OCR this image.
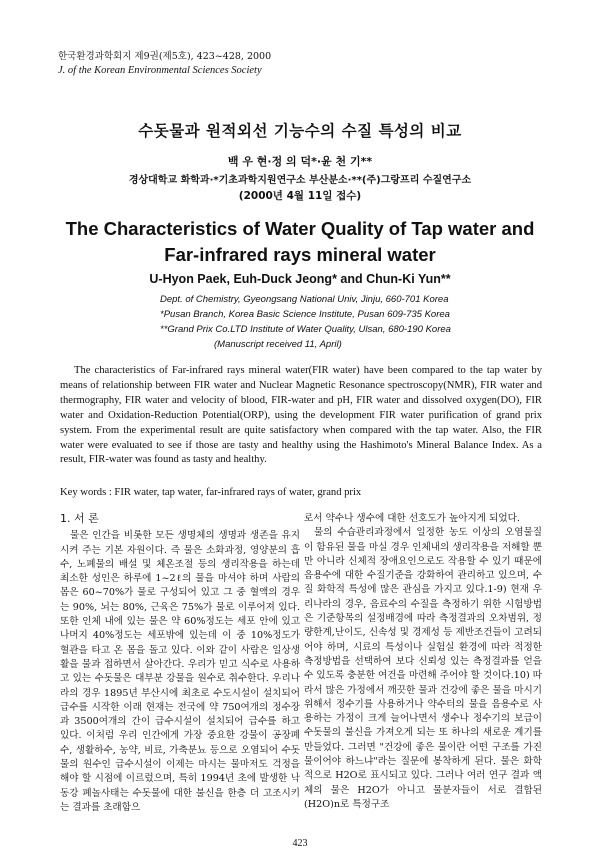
한국환경과학회지 제9권(제5호), 423~428, 2000
J. of the Korean Environmental Sciences Society
수돗물과 원적외선 기능수의 수질 특성의 비교
백 우 현·정 의 덕*·윤 천 기**
경상대학교 화학과·*기초과학지원연구소 부산분소·**(주)그랑프리 수질연구소
(2000년 4월 11일 접수)
The Characteristics of Water Quality of Tap water and
Far-infrared rays mineral water
U-Hyon Paek, Euh-Duck Jeong* and Chun-Ki Yun**
Dept. of Chemistry, Gyeongsang National Univ, Jinju, 660-701 Korea
*Pusan Branch, Korea Basic Science Institute, Pusan 609-735 Korea
**Grand Prix Co.LTD Institute of Water Quality, Ulsan, 680-190 Korea
(Manuscript received 11, April)
The characteristics of Far-infrared rays mineral water(FIR water) have been compared to the tap water by means of relationship between FIR water and Nuclear Magnetic Resonance spectroscopy(NMR), FIR water and thermography, FIR water and velocity of blood, FIR-water and pH, FIR water and dissolved oxygen(DO), FIR water and Oxidation-Reduction Potential(ORP), using the development FIR water purification of grand prix system. From the experimental result are quite satisfactory when compared with the tap water. Also, the FIR water were evaluated to see if those are tasty and healthy using the Hashimoto's Mineral Balance Index. As a result, FIR-water was found as tasty and healthy.
Key words : FIR water, tap water, far-infrared rays of water, grand prix
1. 서 론

물은 인간을 비롯한 모든 생명체의 생명과 생존을 유지시켜 주는 기본 자원이다. 즉 물은 소화과정, 영양분의 흡수, 노폐물의 배설 및 체온조절 등의 생리작용을 하는데 최소한 성인은 하루에 1~2ℓ의 물을 마셔야 하며 사람의 몸은 60~70%가 물로 구성되어 있고 그 중 혈액의 경우는 90%, 뇌는 80%, 근육은 75%가 물로 이루어져 있다. 또한 인체 내에 있는 물은 약 60%정도는 세포 안에 있고 나머지 40%정도는 세포밖에 있는데 이 중 10%정도가 혈관을 타고 온 몸을 돌고 있다. 이와 같이 사람은 일상생활을 물과 접하면서 살아간다. 우리가 믿고 식수로 사용하고 있는 수돗물은 대부분 강물을 원수로 취수한다. 우리나라의 경우 1895년 부산시에 최초로 수도시설이 설치되어 급수를 시작한 이래 현재는 전국에 약 750여개의 정수장과 3500여개의 간이 급수시설이 설치되어 급수를 하고 있다. 이처럼 우리 인간에게 가장 중요한 강물이 공장폐수, 생활하수, 농약, 비료, 가축분뇨 등으로 오염되어 수돗물의 원수인 급수시설이 이제는 마시는 물마저도 걱정을 해야 할 시점에 이르렀으며, 특히 1994년 초에 발생한 낙동강 폐놀사태는 수돗물에 대한 불신을 한층 더 고조시키는 결과를 초래함으

로서 약수나 생수에 대한 선호도가 높아지게 되었다.

물의 수습관리과정에서 일정한 농도 이상의 오염물질이 함유된 물을 마실 경우 인체내의 생리작용을 저해할 뿐만 아니라 신체적 장애요인으로도 작용할 수 있기 때문에 음용수에 대한 수질기준을 강화하여 관리하고 있으며, 수질 화학적 특성에 많은 관심을 가지고 있다.1-9) 현재 우리나라의 경우, 음료수의 수질을 측정하기 위한 시험방법은 기준항목의 설정배경에 따라 측정결과의 오차범위, 정량한계,난이도, 신속성 및 경제성 등 제반조건들이 고려되어야 하며, 시료의 특성이나 실험실 환경에 따라 적정한 측정방법을 선택하여 보다 신뢰성 있는 측정결과를 얻을 수 있도록 충분한 여건을 마련해 주어야 할 것이다.10) 따라서 많은 가정에서 깨끗한 물과 건강에 좋은 물을 마시기 위해서 정수기를 사용하거나 약수터의 물을 음용수로 사용하는 가정이 크게 늘어나면서 생수나 정수기의 보급이 수돗물의 불신을 가져오게 되는 또 하나의 새로운 계기를 만들었다. 그러면 "건강에 좋은 물이란 어떤 구조를 가진 물이어야 하느냐"라는 질문에 봉착하게 된다. 물은 화학적으로 H2O로 표시되고 있다. 그러나 여러 연구 결과 액체의 물은 H2O가 아니고 물분자들이 서로 결합된 (H2O)n로 특정구조

423
